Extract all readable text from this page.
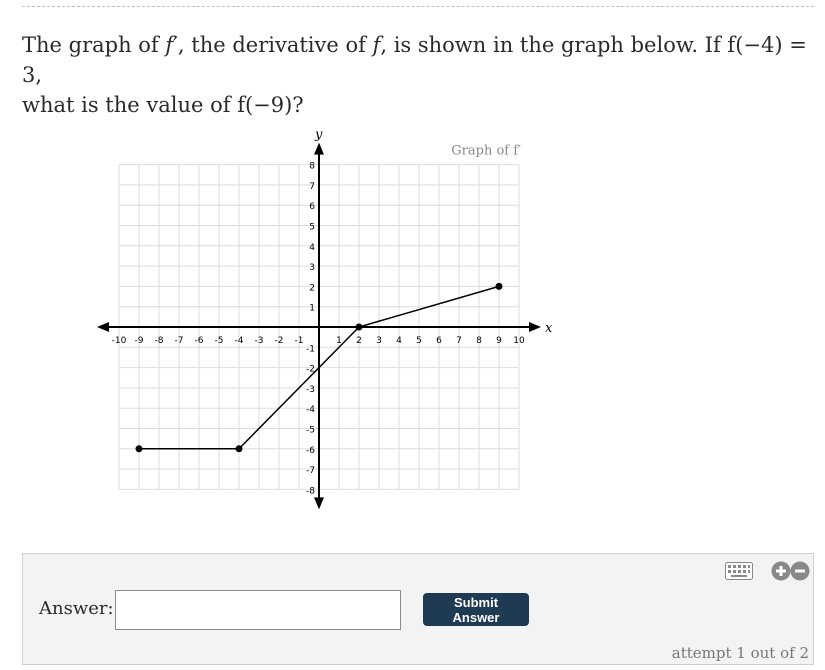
The graph of f′, the derivative of f, is shown in the graph below. If f(−4) = 3,
what is the value of f(−9)?
x
y
Graph of f′
-10 -9 -8 -7 -6 -5 -4 -3 -2 -1	1 2 3 4 5 6 7 8 9 10
-8
-7
-6
-5
-4
-3
-2
-1
1
2
3
4
5
6
7
8
Answer:	Submit Answer
attempt 1 out of 2
